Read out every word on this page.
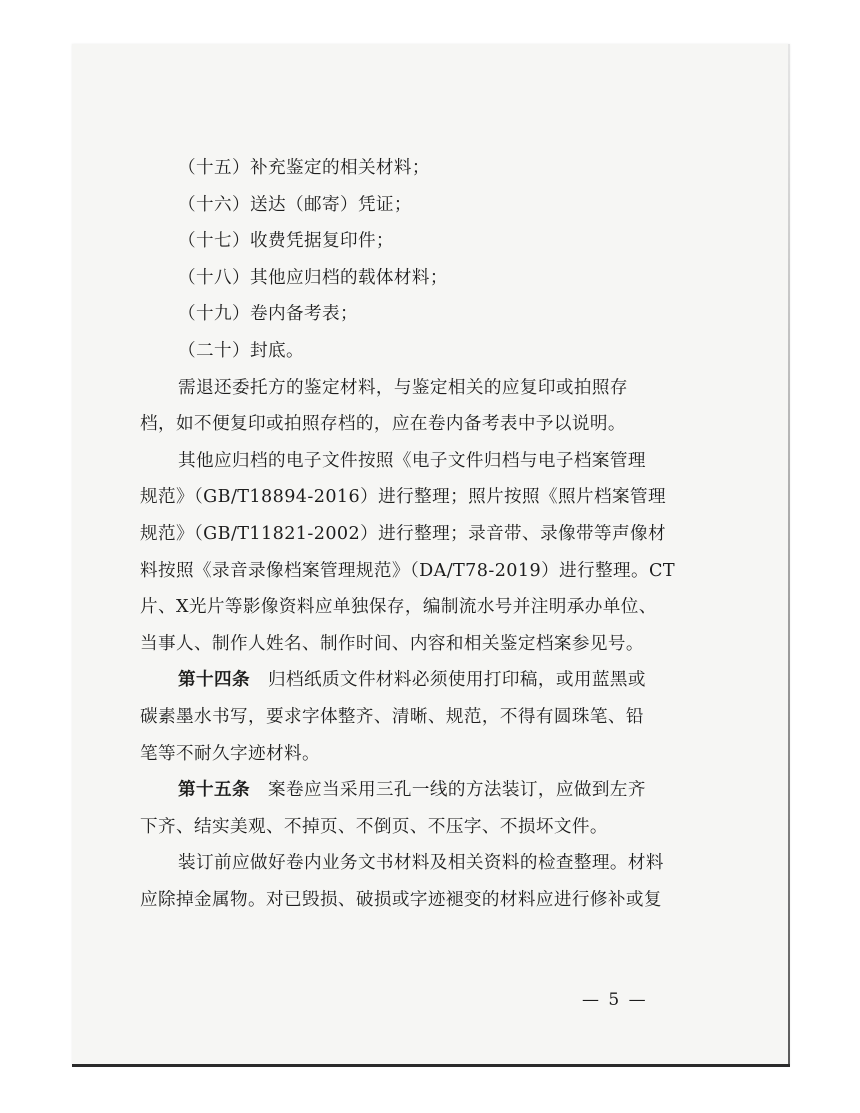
（十五）补充鉴定的相关材料；
（十六）送达（邮寄）凭证；
（十七）收费凭据复印件；
（十八）其他应归档的载体材料；
（十九）卷内备考表；
（二十）封底。
需退还委托方的鉴定材料，与鉴定相关的应复印或拍照存
档，如不便复印或拍照存档的，应在卷内备考表中予以说明。
其他应归档的电子文件按照《电子文件归档与电子档案管理
规范》（GB/T18894-2016）进行整理；照片按照《照片档案管理
规范》（GB/T11821-2002）进行整理；录音带、录像带等声像材
料按照《录音录像档案管理规范》（DA/T78-2019）进行整理。CT
片、X光片等影像资料应单独保存，编制流水号并注明承办单位、
当事人、制作人姓名、制作时间、内容和相关鉴定档案参见号。
第十四条 归档纸质文件材料必须使用打印稿，或用蓝黑或
碳素墨水书写，要求字体整齐、清晰、规范，不得有圆珠笔、铅
笔等不耐久字迹材料。
第十五条 案卷应当采用三孔一线的方法装订，应做到左齐
下齐、结实美观、不掉页、不倒页、不压字、不损坏文件。
装订前应做好卷内业务文书材料及相关资料的检查整理。材料
应除掉金属物。对已毁损、破损或字迹褪变的材料应进行修补或复
— 5 —
